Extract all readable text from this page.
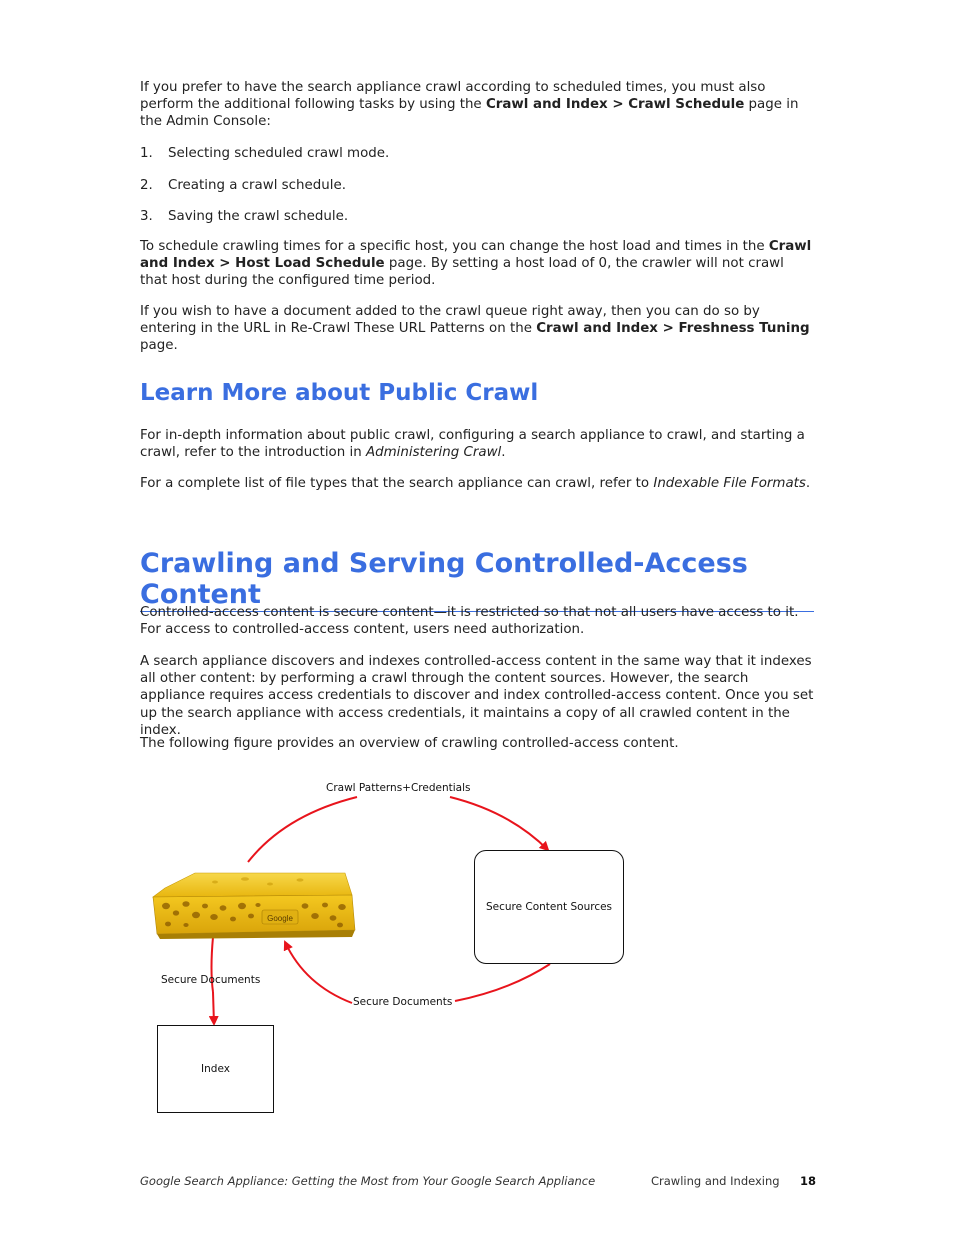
If you prefer to have the search appliance crawl according to scheduled times, you must also perform the additional following tasks by using the Crawl and Index > Crawl Schedule page in the Admin Console:

1. Selecting scheduled crawl mode.
2. Creating a crawl schedule.
3. Saving the crawl schedule.

To schedule crawling times for a specific host, you can change the host load and times in the Crawl and Index > Host Load Schedule page. By setting a host load of 0, the crawler will not crawl that host during the configured time period.

If you wish to have a document added to the crawl queue right away, then you can do so by entering in the URL in Re-Crawl These URL Patterns on the Crawl and Index > Freshness Tuning page.

Learn More about Public Crawl

For in-depth information about public crawl, configuring a search appliance to crawl, and starting a crawl, refer to the introduction in Administering Crawl.

For a complete list of file types that the search appliance can crawl, refer to Indexable File Formats.

Crawling and Serving Controlled-Access Content

Controlled-access content is secure content—it is restricted so that not all users have access to it. For access to controlled-access content, users need authorization.

A search appliance discovers and indexes controlled-access content in the same way that it indexes all other content: by performing a crawl through the content sources. However, the search appliance requires access credentials to discover and index controlled-access content. Once you set up the search appliance with access credentials, it maintains a copy of all crawled content in the index.

The following figure provides an overview of crawling controlled-access content.

Google
Crawl Patterns+Credentials
Secure Content Sources
Secure Documents
Secure Documents
Index
Google Search Appliance: Getting the Most from Your Google Search Appliance	Crawling and Indexing 18
